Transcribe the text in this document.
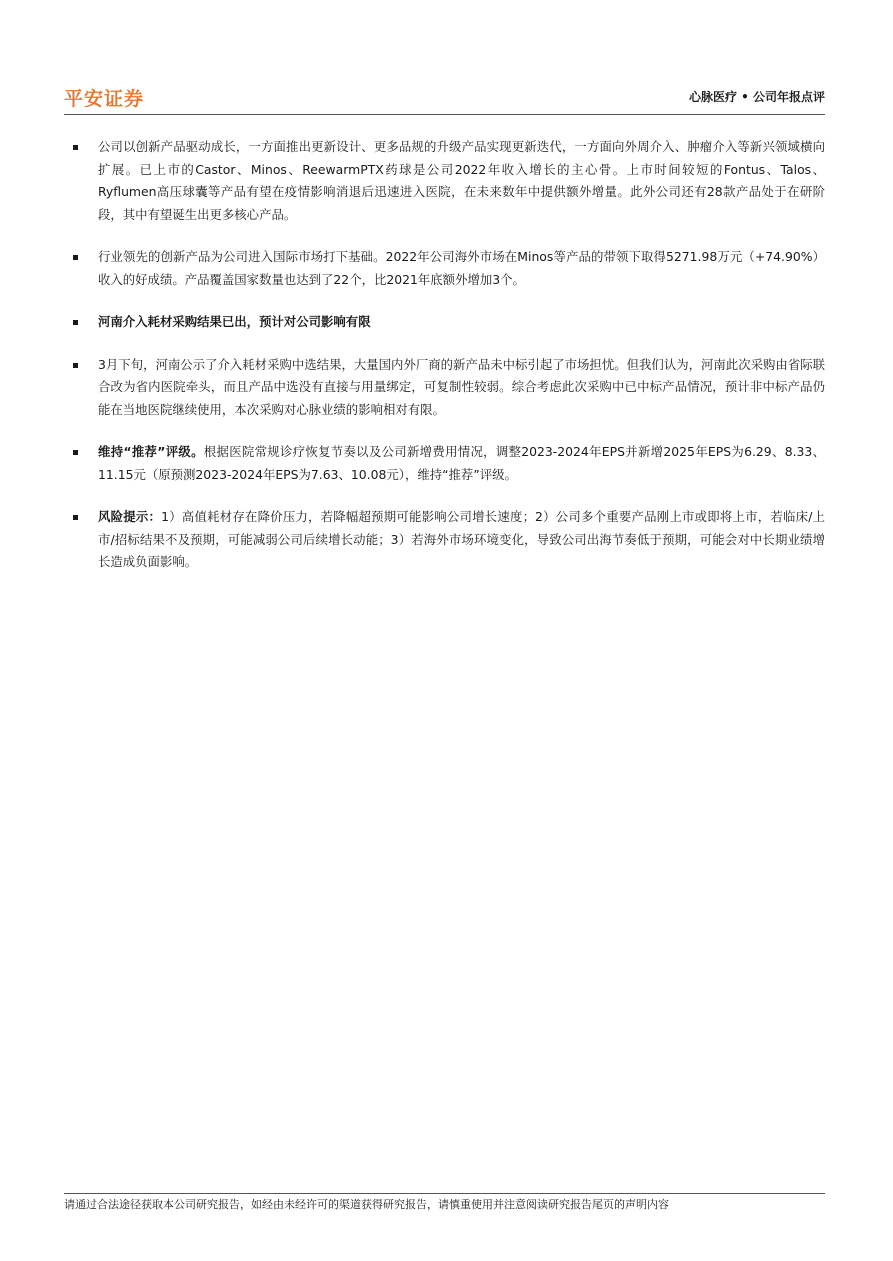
平安证券	心脉医疗 • 公司年报点评
公司以创新产品驱动成长，一方面推出更新设计、更多品规的升级产品实现更新迭代，一方面向外周介入、肿瘤介入等新兴领域横向扩展。已上市的Castor、Minos、ReewarmPTX药球是公司2022年收入增长的主心骨。上市时间较短的Fontus、Talos、Ryflumen高压球囊等产品有望在疫情影响消退后迅速进入医院，在未来数年中提供额外增量。此外公司还有28款产品处于在研阶段，其中有望诞生出更多核心产品。
行业领先的创新产品为公司进入国际市场打下基础。2022年公司海外市场在Minos等产品的带领下取得5271.98万元（+74.90%）收入的好成绩。产品覆盖国家数量也达到了22个，比2021年底额外增加3个。
河南介入耗材采购结果已出，预计对公司影响有限
3月下旬，河南公示了介入耗材采购中选结果，大量国内外厂商的新产品未中标引起了市场担忧。但我们认为，河南此次采购由省际联合改为省内医院牵头，而且产品中选没有直接与用量绑定，可复制性较弱。综合考虑此次采购中已中标产品情况，预计非中标产品仍能在当地医院继续使用，本次采购对心脉业绩的影响相对有限。
维持“推荐”评级。根据医院常规诊疗恢复节奏以及公司新增费用情况，调整2023-2024年EPS并新增2025年EPS为6.29、8.33、11.15元（原预测2023-2024年EPS为7.63、10.08元），维持“推荐”评级。
风险提示：1）高值耗材存在降价压力，若降幅超预期可能影响公司增长速度；2）公司多个重要产品刚上市或即将上市，若临床/上市/招标结果不及预期，可能减弱公司后续增长动能；3）若海外市场环境变化，导致公司出海节奏低于预期，可能会对中长期业绩增长造成负面影响。
请通过合法途径获取本公司研究报告，如经由未经许可的渠道获得研究报告，请慎重使用并注意阅读研究报告尾页的声明内容
